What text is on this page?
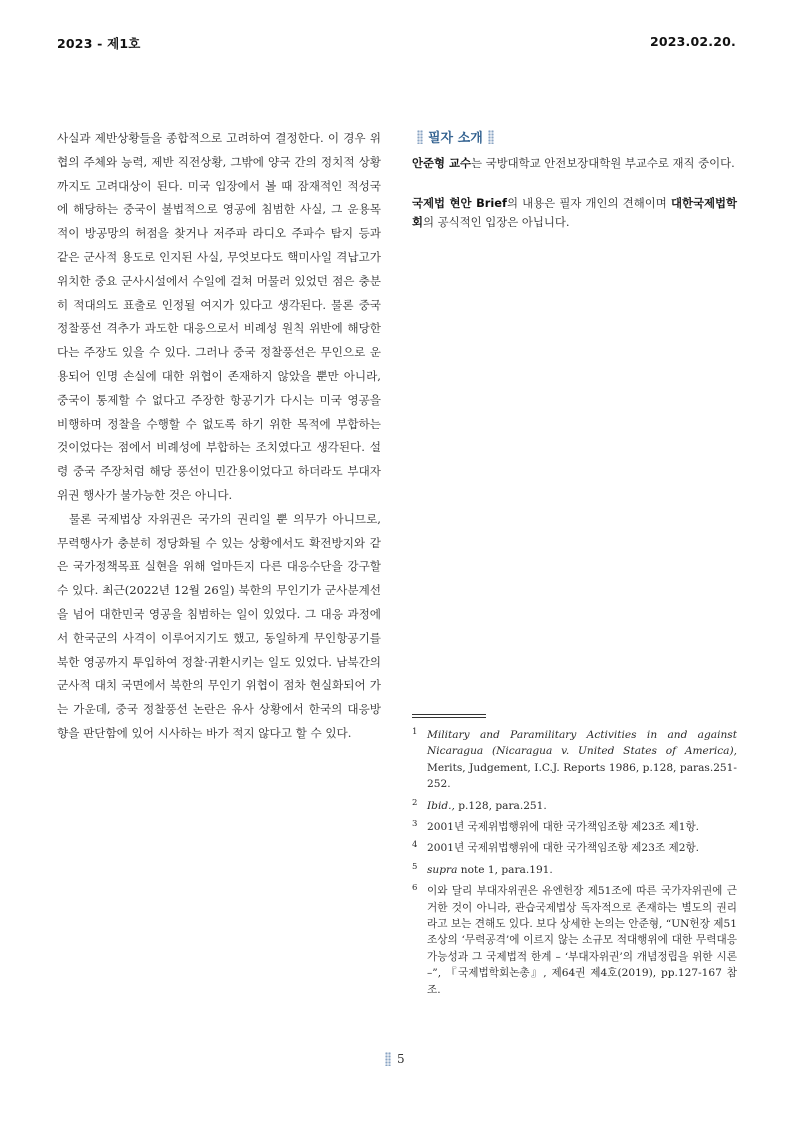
2023 - 제1호	2023.02.20.

사실과 제반상황들을 종합적으로 고려하여 결정한다. 이 경우 위협의 주체와 능력, 제반 직전상황, 그밖에 양국 간의 정치적 상황까지도 고려대상이 된다. 미국 입장에서 볼 때 잠재적인 적성국에 해당하는 중국이 불법적으로 영공에 침범한 사실, 그 운용목적이 방공망의 허점을 찾거나 저주파 라디오 주파수 탐지 등과 같은 군사적 용도로 인지된 사실, 무엇보다도 핵미사일 격납고가 위치한 중요 군사시설에서 수일에 걸쳐 머물러 있었던 점은 충분히 적대의도 표출로 인정될 여지가 있다고 생각된다. 물론 중국 정찰풍선 격추가 과도한 대응으로서 비례성 원칙 위반에 해당한다는 주장도 있을 수 있다. 그러나 중국 정찰풍선은 무인으로 운용되어 인명 손실에 대한 위협이 존재하지 않았을 뿐만 아니라, 중국이 통제할 수 없다고 주장한 항공기가 다시는 미국 영공을 비행하며 정찰을 수행할 수 없도록 하기 위한 목적에 부합하는 것이었다는 점에서 비례성에 부합하는 조치였다고 생각된다. 설령 중국 주장처럼 해당 풍선이 민간용이었다고 하더라도 부대자위권 행사가 불가능한 것은 아니다.

물론 국제법상 자위권은 국가의 권리일 뿐 의무가 아니므로, 무력행사가 충분히 정당화될 수 있는 상황에서도 확전방지와 같은 국가정책목표 실현을 위해 얼마든지 다른 대응수단을 강구할 수 있다. 최근(2022년 12월 26일) 북한의 무인기가 군사분계선을 넘어 대한민국 영공을 침범하는 일이 있었다. 그 대응 과정에서 한국군의 사격이 이루어지기도 했고, 동일하게 무인항공기를 북한 영공까지 투입하여 정찰·귀환시키는 일도 있었다. 남북간의 군사적 대치 국면에서 북한의 무인기 위협이 점차 현실화되어 가는 가운데, 중국 정찰풍선 논란은 유사 상황에서 한국의 대응방향을 판단함에 있어 시사하는 바가 적지 않다고 할 수 있다.

필자 소개

안준형 교수는 국방대학교 안전보장대학원 부교수로 재직 중이다.

국제법 현안 Brief의 내용은 필자 개인의 견해이며 대한국제법학회의 공식적인 입장은 아닙니다.

1 Military and Paramilitary Activities in and against Nicaragua (Nicaragua v. United States of America), Merits, Judgement, I.C.J. Reports 1986, p.128, paras.251-252.
2 Ibid., p.128, para.251.
3 2001년 국제위법행위에 대한 국가책임조항 제23조 제1항.
4 2001년 국제위법행위에 대한 국가책임조항 제23조 제2항.
5 supra note 1, para.191.
6 이와 달리 부대자위권은 유엔헌장 제51조에 따른 국가자위권에 근거한 것이 아니라, 관습국제법상 독자적으로 존재하는 별도의 권리라고 보는 견해도 있다. 보다 상세한 논의는 안준형, “UN헌장 제51조상의 ‘무력공격’에 이르지 않는 소규모 적대행위에 대한 무력대응 가능성과 그 국제법적 한계 – ‘부대자위권’의 개념정립을 위한 시론 –”, 『국제법학회논총』, 제64권 제4호(2019), pp.127-167 참조.
5
